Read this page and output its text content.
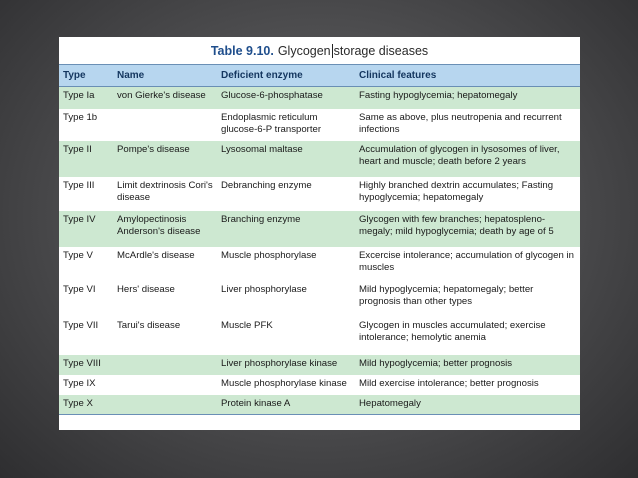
Table 9.10. Glycogen storage diseases
Type	Name	Deficient enzyme	Clinical features
Type Ia	von Gierke's disease	Glucose-6-phosphatase	Fasting hypoglycemia; hepatomegaly
Type 1b		Endoplasmic reticulum glucose-6-P transporter	Same as above, plus neutropenia and recurrent infections
Type II	Pompe's disease	Lysosomal maltase	Accumulation of glycogen in lysosomes of liver, heart and muscle; death before 2 years
Type III	Limit dextrinosis Cori's disease	Debranching enzyme	Highly branched dextrin accumulates; Fasting hypoglycemia; hepatomegaly
Type IV	Amylopectinosis Anderson's disease	Branching enzyme	Glycogen with few branches; hepatospleno-megaly; mild hypoglycemia; death by age of 5
Type V	McArdle's disease	Muscle phosphorylase	Excercise intolerance; accumulation of glycogen in muscles
Type VI	Hers' disease	Liver phosphorylase	Mild hypoglycemia; hepatomegaly; better prognosis than other types
Type VII	Tarui's disease	Muscle PFK	Glycogen in muscles accumulated; exercise intolerance; hemolytic anemia
Type VIII		Liver phosphorylase kinase	Mild hypoglycemia; better prognosis
Type IX		Muscle phosphorylase kinase	Mild exercise intolerance; better prognosis
Type X		Protein kinase A	Hepatomegaly
